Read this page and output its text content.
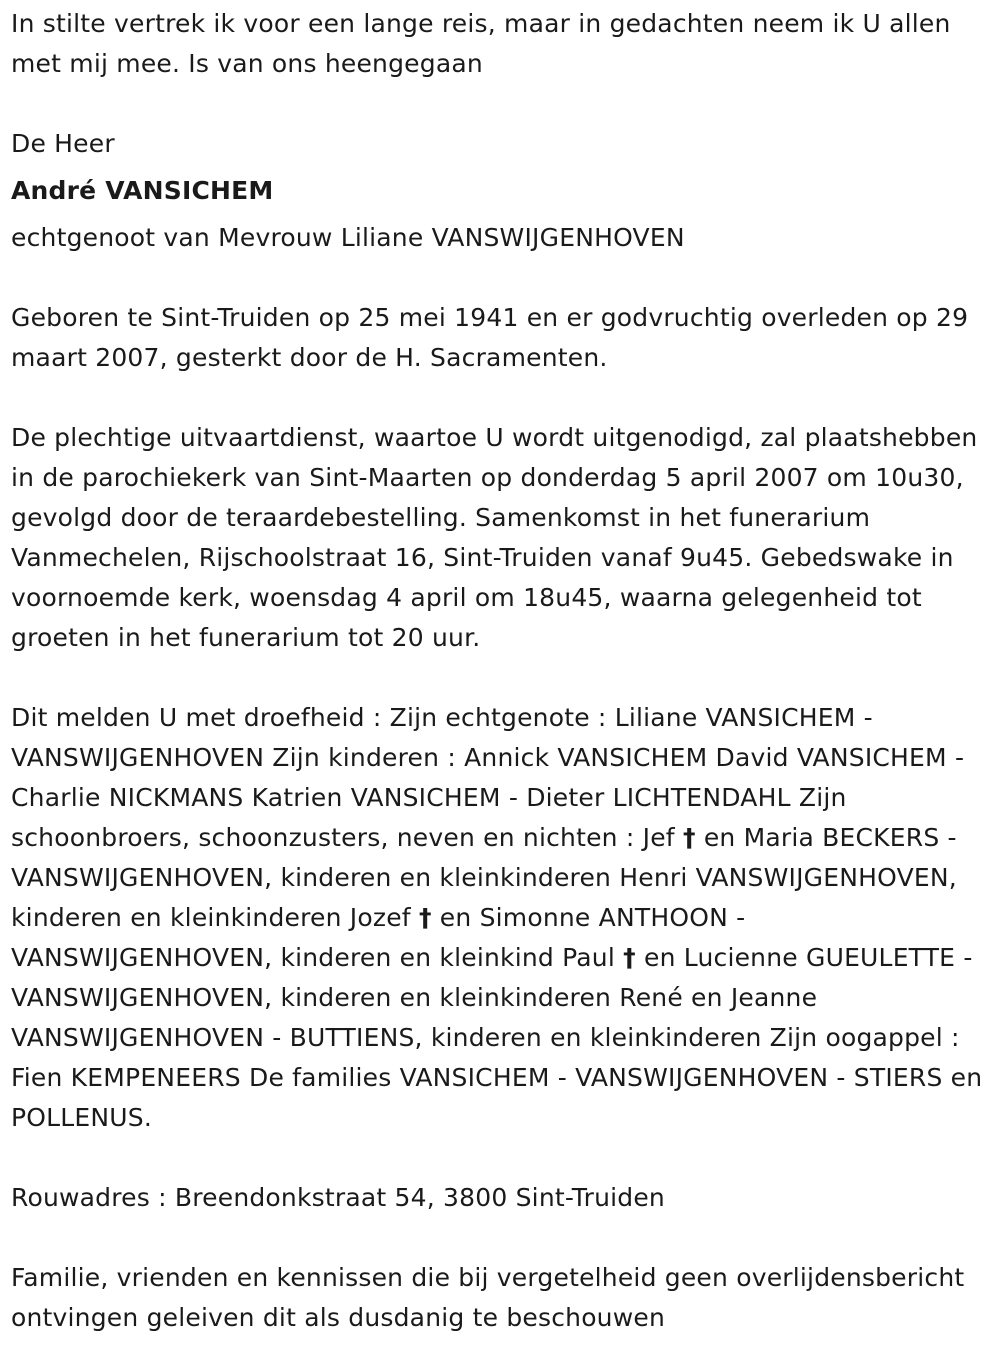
In stilte vertrek ik voor een lange reis, maar in gedachten neem ik U allen met mij mee. Is van ons heengegaan

De Heer

André VANSICHEM

echtgenoot van Mevrouw Liliane VANSWIJGENHOVEN

Geboren te Sint-Truiden op 25 mei 1941 en er godvruchtig overleden op 29 maart 2007, gesterkt door de H. Sacramenten.

De plechtige uitvaartdienst, waartoe U wordt uitgenodigd, zal plaatshebben in de parochiekerk van Sint-Maarten op donderdag 5 april 2007 om 10u30, gevolgd door de teraardebestelling. Samenkomst in het funerarium Vanmechelen, Rijschoolstraat 16, Sint-Truiden vanaf 9u45. Gebedswake in voornoemde kerk, woensdag 4 april om 18u45, waarna gelegenheid tot groeten in het funerarium tot 20 uur.

Dit melden U met droefheid : Zijn echtgenote : Liliane VANSICHEM - VANSWIJGENHOVEN Zijn kinderen : Annick VANSICHEM David VANSICHEM - Charlie NICKMANS Katrien VANSICHEM - Dieter LICHTENDAHL Zijn schoonbroers, schoonzusters, neven en nichten : Jef † en Maria BECKERS - VANSWIJGENHOVEN, kinderen en kleinkinderen Henri VANSWIJGENHOVEN, kinderen en kleinkinderen Jozef † en Simonne ANTHOON - VANSWIJGENHOVEN, kinderen en kleinkind Paul † en Lucienne GUEULETTE - VANSWIJGENHOVEN, kinderen en kleinkinderen René en Jeanne VANSWIJGENHOVEN - BUTTIENS, kinderen en kleinkinderen Zijn oogappel : Fien KEMPENEERS De families VANSICHEM - VANSWIJGENHOVEN - STIERS en POLLENUS.

Rouwadres : Breendonkstraat 54, 3800 Sint-Truiden

Familie, vrienden en kennissen die bij vergetelheid geen overlijdensbericht ontvingen geleiven dit als dusdanig te beschouwen
